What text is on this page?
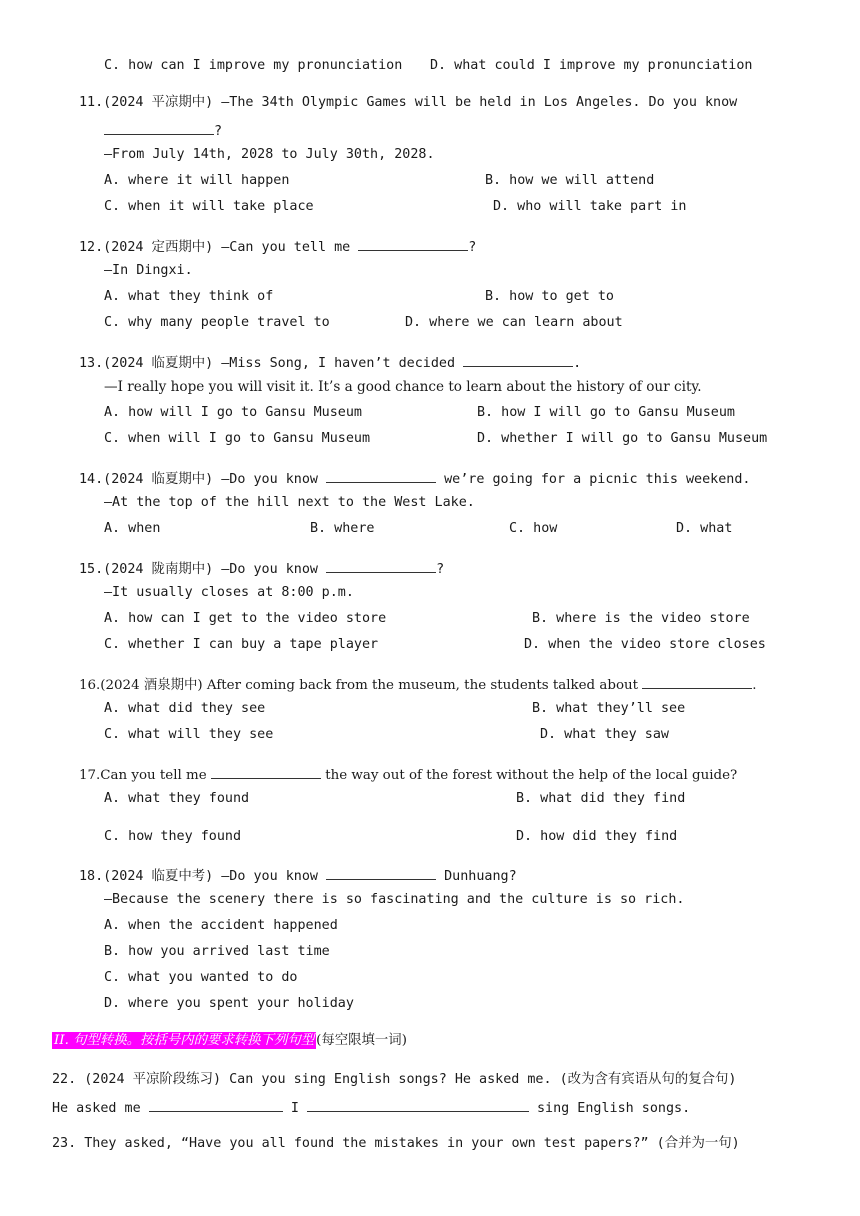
C. how can I improve my pronunciation D. what could I improve my pronunciation
11.(2024 平凉期中) —The 34th Olympic Games will be held in Los Angeles. Do you know
?
—From July 14th, 2028 to July 30th, 2028.
A. where it will happen	B. how we will attend
C. when it will take place	D. who will take part in
12.(2024 定西期中) —Can you tell me	?
—In Dingxi.
A. what they think of	B. how to get to
C. why many people travel to	D. where we can learn about
13.(2024 临夏期中) —Miss Song, I haven’t decided	.
—I really hope you will visit it. It’s a good chance to learn about the history of our city.
A. how will I go to Gansu Museum	B. how I will go to Gansu Museum
C. when will I go to Gansu Museum	D. whether I will go to Gansu Museum
14.(2024 临夏期中) —Do you know	we’re going for a picnic this weekend.
—At the top of the hill next to the West Lake.
A. when	B. where	C. how	D. what
15.(2024 陇南期中) —Do you know	?
—It usually closes at 8:00 p.m.
A. how can I get to the video store	B. where is the video store
C. whether I can buy a tape player	D. when the video store closes
16.(2024 酒泉期中) After coming back from the museum, the students talked about	.
A. what did they see	B. what they’ll see
C. what will they see	D. what they saw
17.Can you tell me	the way out of the forest without the help of the local guide?
A. what they found	B. what did they find
C. how they found	D. how did they find
18.(2024 临夏中考) —Do you know	Dunhuang?
—Because the scenery there is so fascinating and the culture is so rich.
A. when the accident happened
B. how you arrived last time
C. what you wanted to do
D. where you spent your holiday
II. 句型转换。按括号内的要求转换下列句型 (每空限填一词)
22. (2024 平凉阶段练习) Can you sing English songs? He asked me. (改为含有宾语从句的复合句)
He asked me	I	sing English songs.
23. They asked, “Have you all found the mistakes in your own test papers?” (合并为一句)
